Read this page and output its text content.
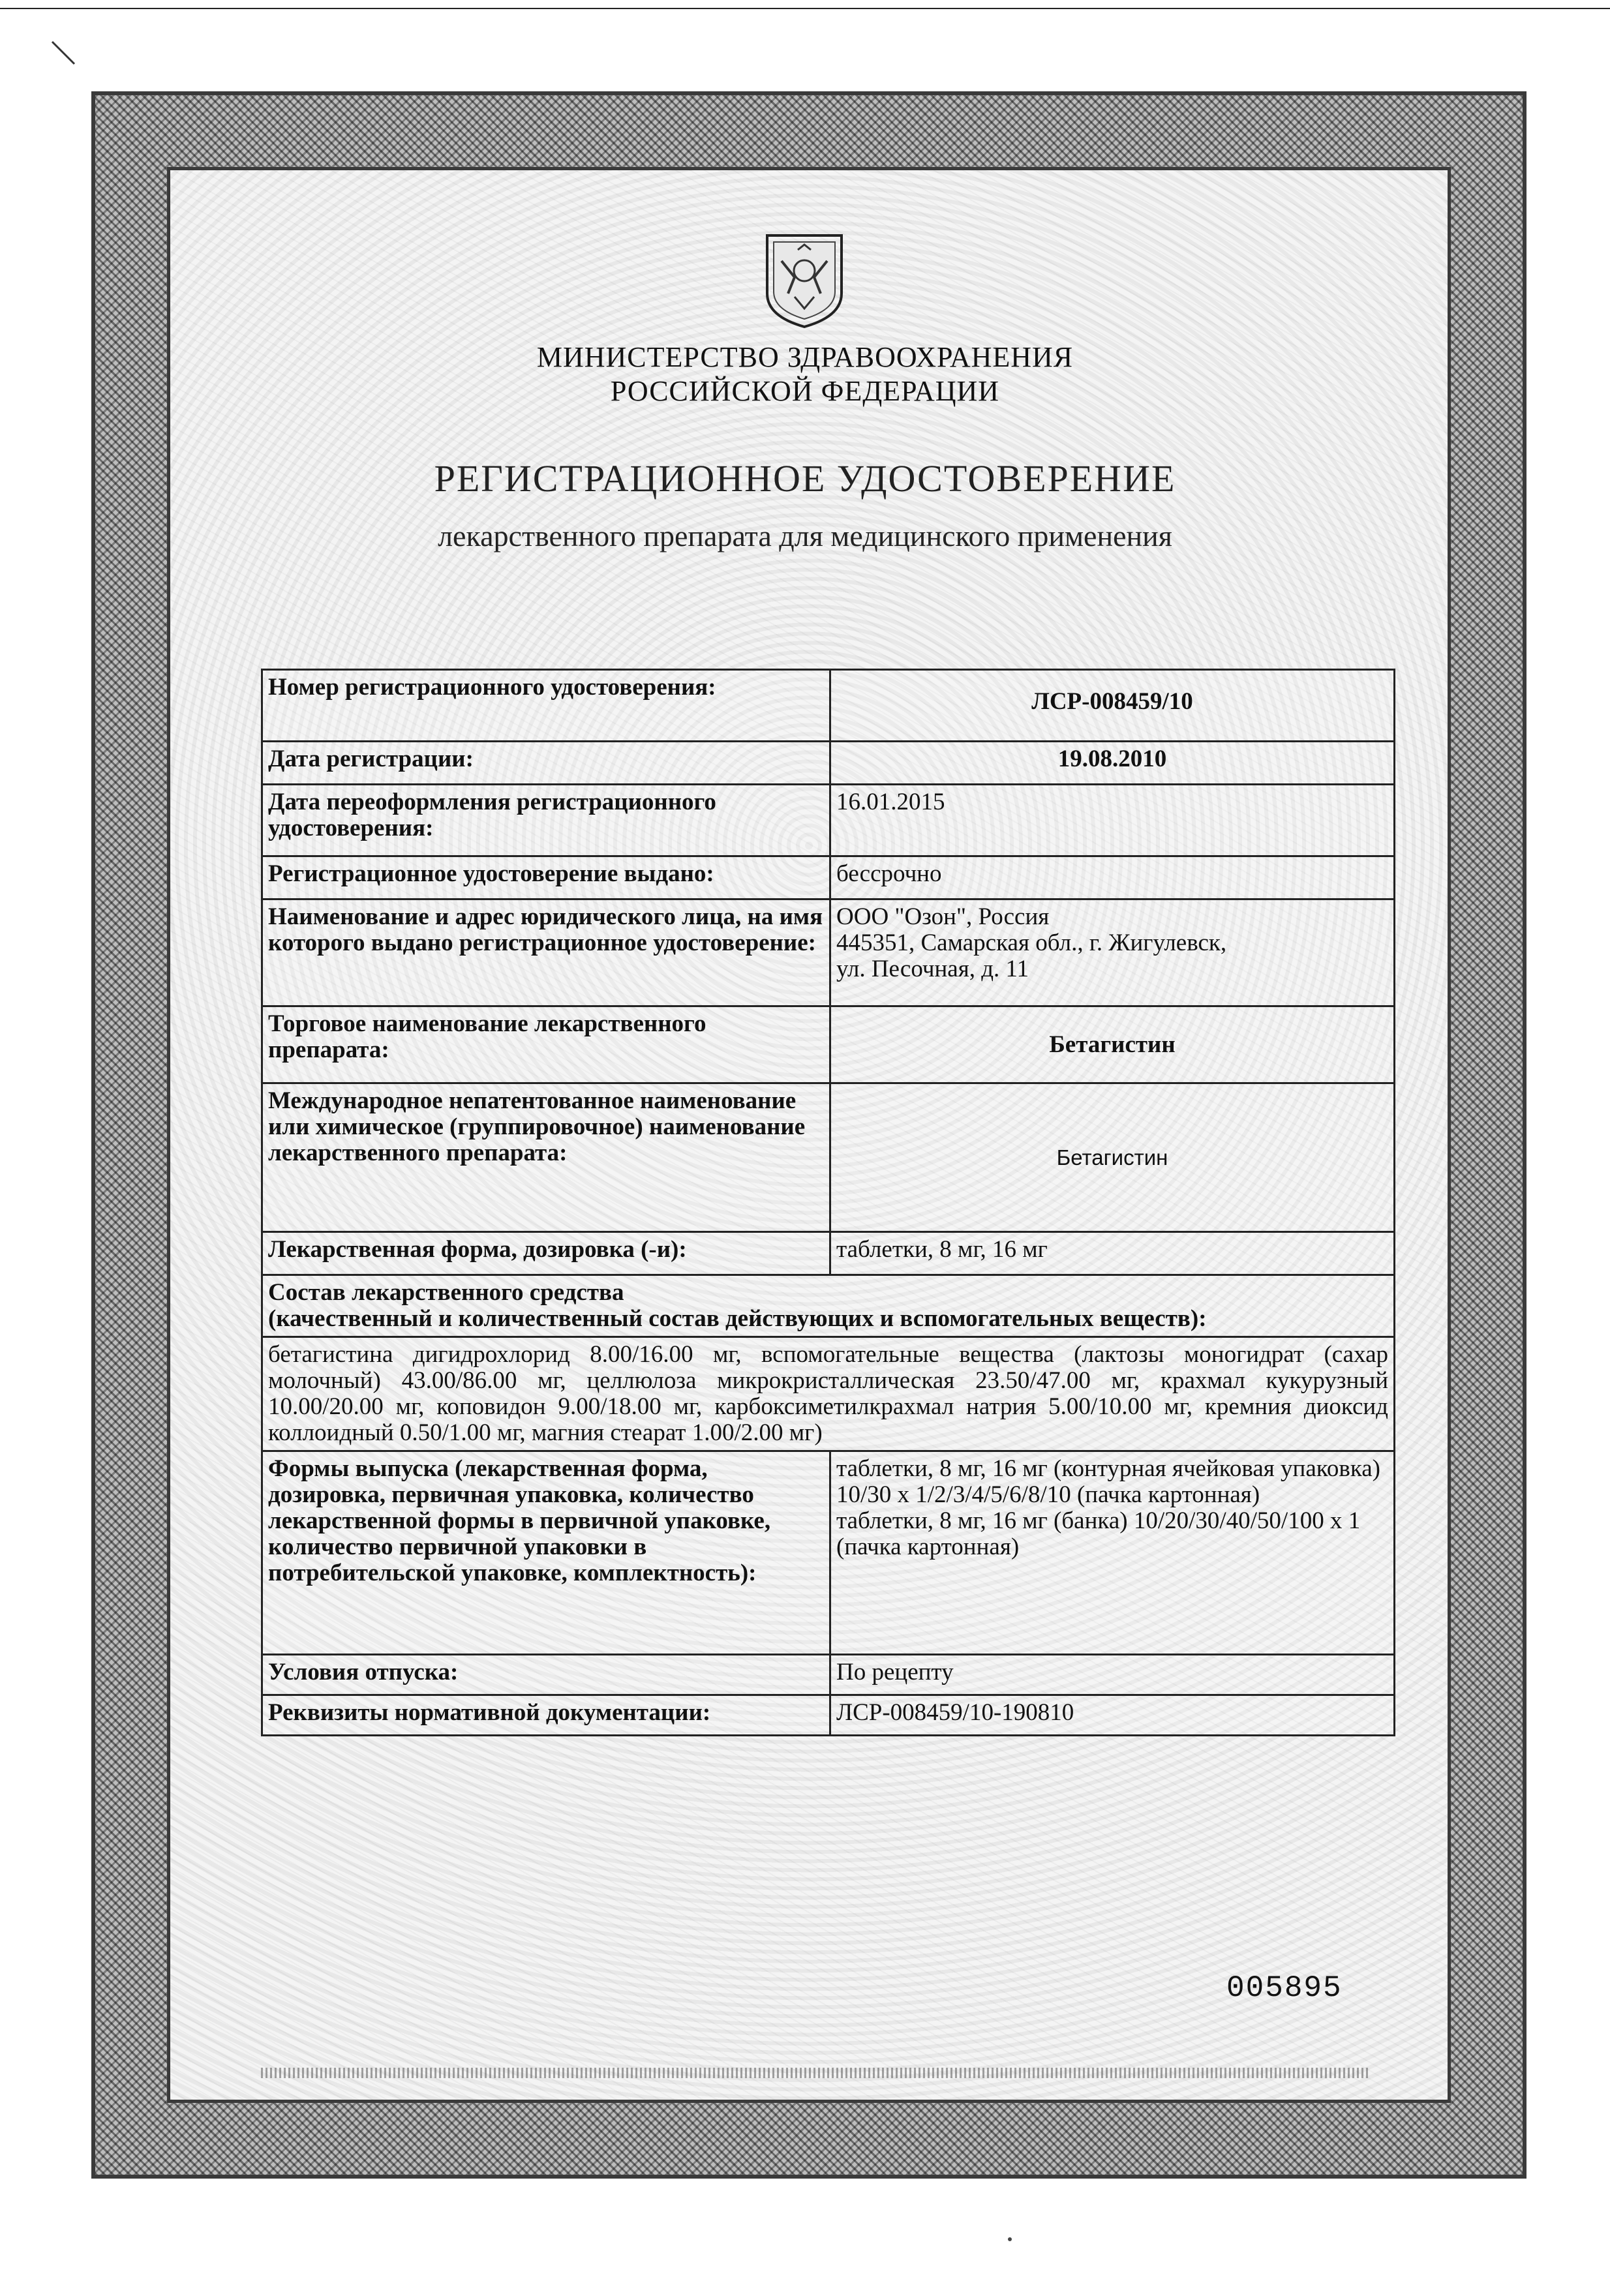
МИНИСТЕРСТВО ЗДРАВООХРАНЕНИЯ
РОССИЙСКОЙ ФЕДЕРАЦИИ
РЕГИСТРАЦИОННОЕ УДОСТОВЕРЕНИЕ
лекарственного препарата для медицинского применения
Номер регистрационного удостоверения:	ЛСР-008459/10
Дата регистрации:	19.08.2010
Дата переоформления регистрационного удостоверения:	16.01.2015
Регистрационное удостоверение выдано:	бессрочно
Наименование и адрес юридического лица, на имя которого выдано регистрационное удостоверение:	ООО "Озон", Россия
445351, Самарская обл., г. Жигулевск,
ул. Песочная, д. 11

Торговое наименование лекарственного препарата:	Бетагистин
Международное непатентованное наименование или химическое (группировочное) наименование лекарственного препарата:	Бетагистин
Лекарственная форма, дозировка (-и):	таблетки, 8 мг, 16 мг

Состав лекарственного средства
(качественный и количественный состав действующих и вспомогательных веществ):	

бетагистина дигидрохлорид 8.00/16.00 мг, вспомогательные вещества (лактозы моногидрат (сахар молочный) 43.00/86.00 мг, целлюлоза микрокристаллическая 23.50/47.00 мг, крахмал кукурузный 10.00/20.00 мг, коповидон 9.00/18.00 мг, карбоксиметилкрахмал натрия 5.00/10.00 мг, кремния диоксид коллоидный 0.50/1.00 мг, магния стеарат 1.00/2.00 мг)	
Формы выпуска (лекарственная форма, дозировка, первичная упаковка, количество лекарственной формы в первичной упаковке, количество первичной упаковки в потребительской упаковке, комплектность):	таблетки, 8 мг, 16 мг (контурная ячейковая упаковка) 10/30 х 1/2/3/4/5/6/8/10 (пачка картонная)
таблетки, 8 мг, 16 мг (банка) 10/20/30/40/50/100 х 1 (пачка картонная)

Условия отпуска:	По рецепту
Реквизиты нормативной документации:	ЛСР-008459/10-190810
005895
